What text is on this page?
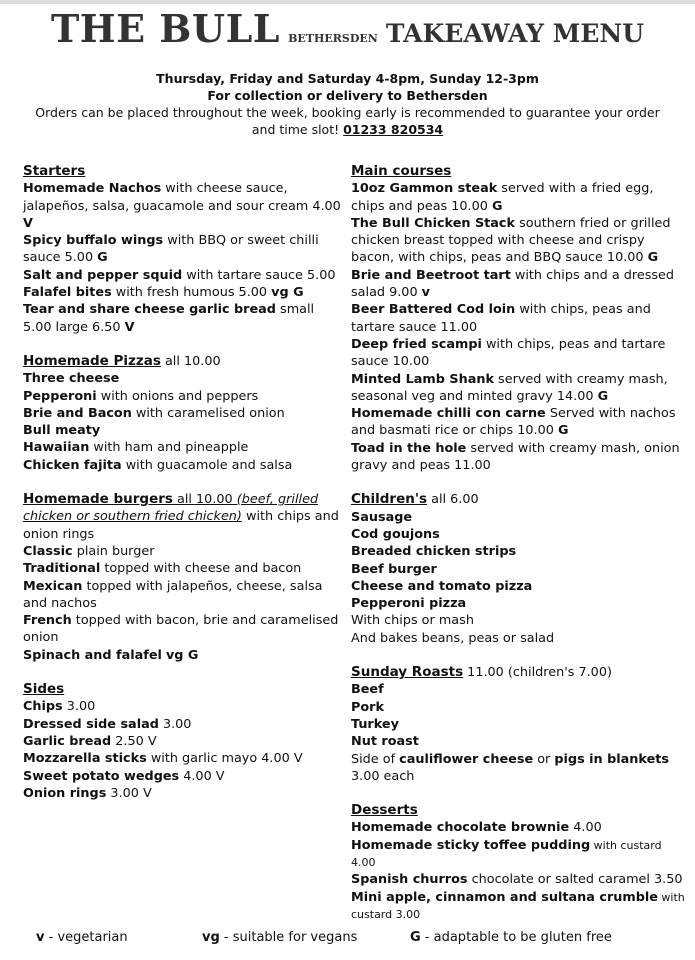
THE BULL BETHERSDEN TAKEAWAY MENU
Thursday, Friday and Saturday 4-8pm, Sunday 12-3pm
For collection or delivery to Bethersden
Orders can be placed throughout the week, booking early is recommended to guarantee your order
and time slot! 01233 820534
Starters
Homemade Nachos with cheese sauce, jalapeños, salsa, guacamole and sour cream 4.00 V
Spicy buffalo wings with BBQ or sweet chilli sauce 5.00 G
Salt and pepper squid with tartare sauce 5.00
Falafel bites with fresh humous 5.00 vg G
Tear and share cheese garlic bread small 5.00 large 6.50 V
Homemade Pizzas all 10.00
Three cheese
Pepperoni with onions and peppers
Brie and Bacon with caramelised onion
Bull meaty
Hawaiian with ham and pineapple
Chicken fajita with guacamole and salsa
Homemade burgers all 10.00 (beef, grilled chicken or southern fried chicken) with chips and onion rings
Classic plain burger
Traditional topped with cheese and bacon
Mexican topped with jalapeños, cheese, salsa and nachos
French topped with bacon, brie and caramelised onion
Spinach and falafel vg G
Sides
Chips 3.00
Dressed side salad 3.00
Garlic bread 2.50 V
Mozzarella sticks with garlic mayo 4.00 V
Sweet potato wedges 4.00 V
Onion rings 3.00 V
Main courses
10oz Gammon steak served with a fried egg, chips and peas 10.00 G
The Bull Chicken Stack southern fried or grilled chicken breast topped with cheese and crispy bacon, with chips, peas and BBQ sauce 10.00 G
Brie and Beetroot tart with chips and a dressed salad 9.00 v
Beer Battered Cod loin with chips, peas and tartare sauce 11.00
Deep fried scampi with chips, peas and tartare sauce 10.00
Minted Lamb Shank served with creamy mash, seasonal veg and minted gravy 14.00 G
Homemade chilli con carne Served with nachos and basmati rice or chips 10.00 G
Toad in the hole served with creamy mash, onion gravy and peas 11.00
Children's all 6.00
Sausage
Cod goujons
Breaded chicken strips
Beef burger
Cheese and tomato pizza
Pepperoni pizza
With chips or mash
And bakes beans, peas or salad
Sunday Roasts 11.00 (children's 7.00)
Beef
Pork
Turkey
Nut roast
Side of cauliflower cheese or pigs in blankets 3.00 each
Desserts
Homemade chocolate brownie 4.00
Homemade sticky toffee pudding with custard 4.00
Spanish churros chocolate or salted caramel 3.50
Mini apple, cinnamon and sultana crumble with custard 3.00
v - vegetarian	vg - suitable for vegans	G - adaptable to be gluten free
